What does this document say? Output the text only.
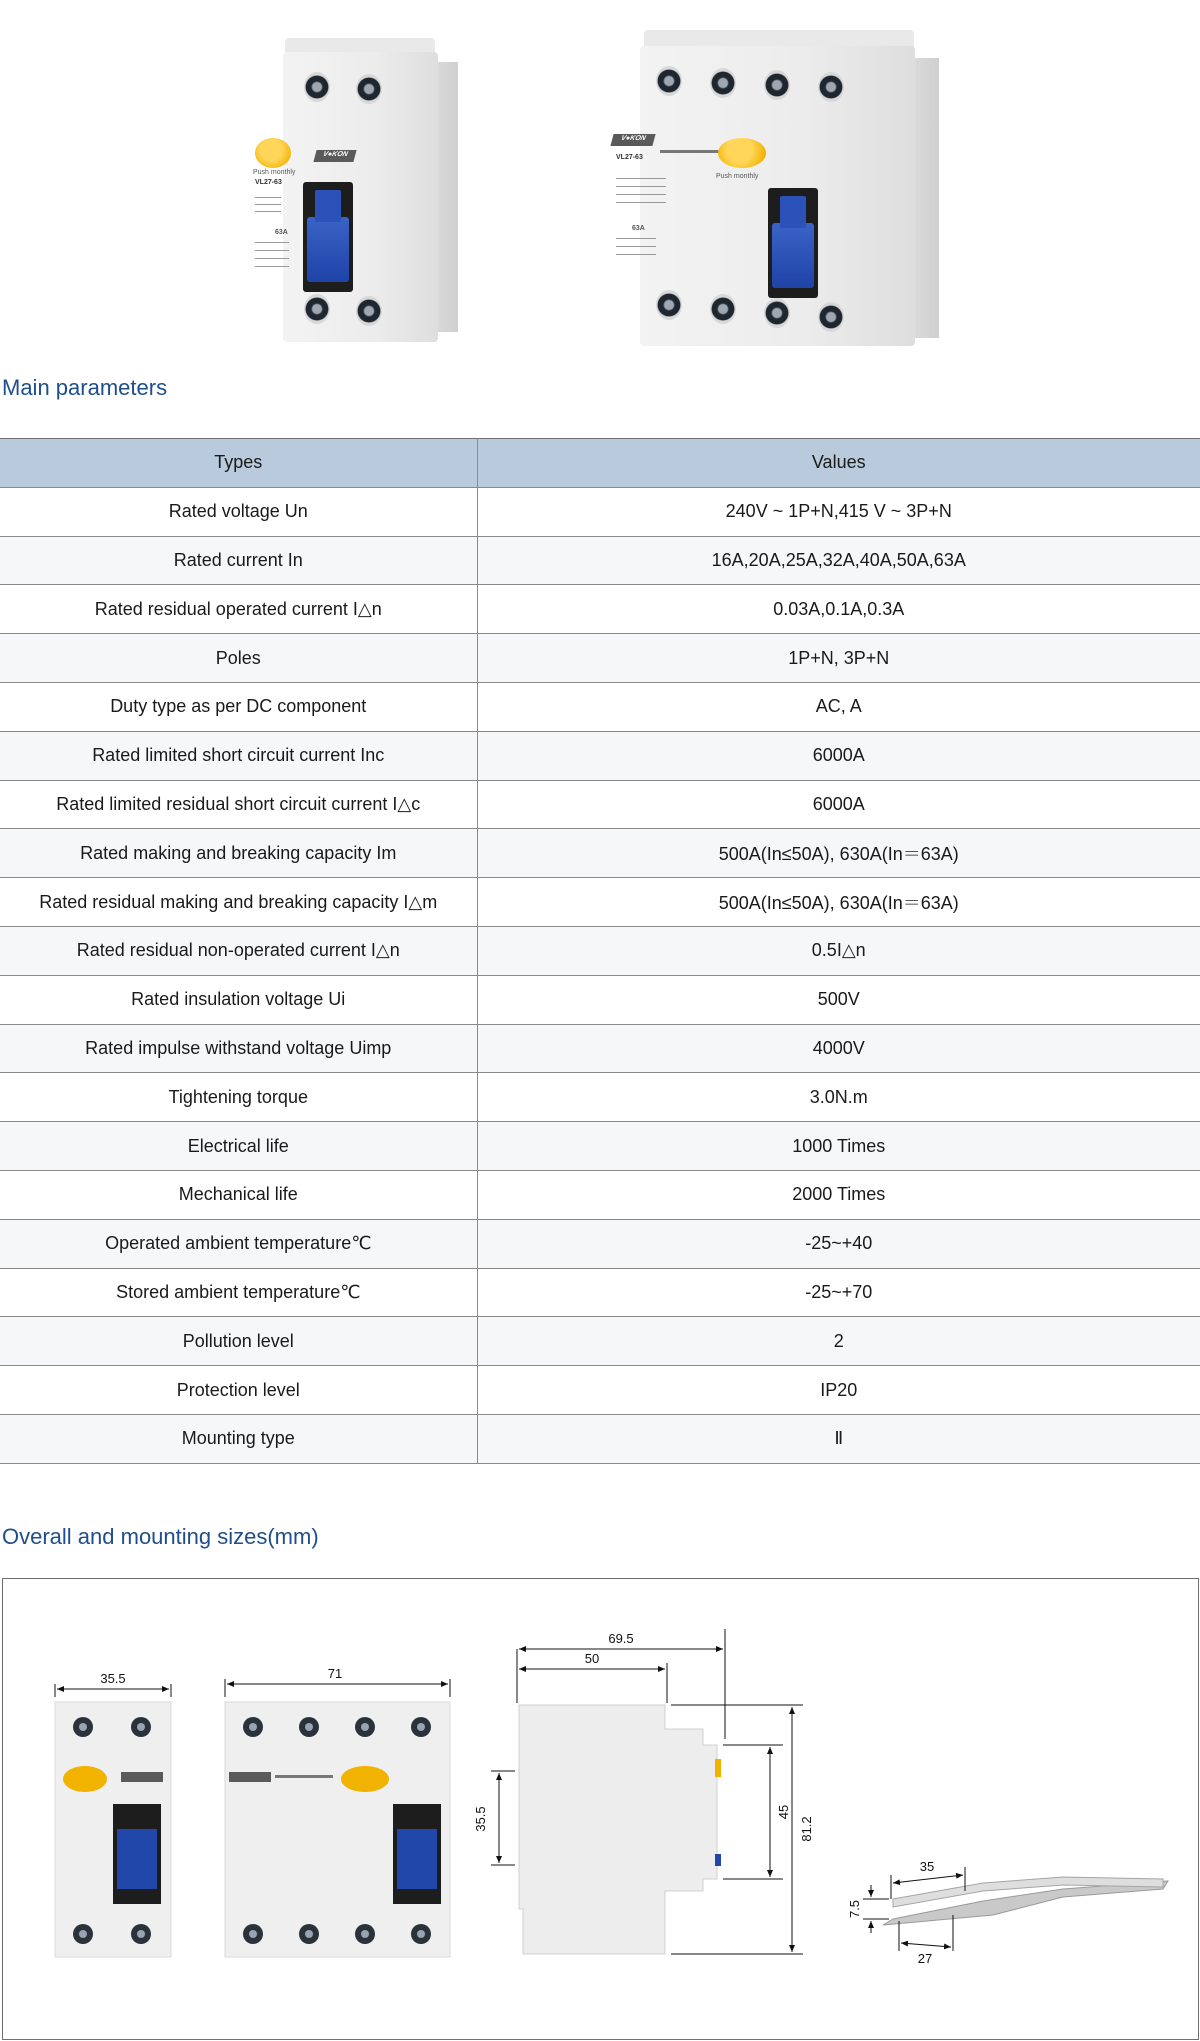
V●KON
Push monthly
VL27-63
63A
V●KON
VL27-63
Push monthly
63A
Main parameters
Types	Values
Rated voltage Un	240V ~ 1P+N,415 V ~ 3P+N
Rated current In	16A,20A,25A,32A,40A,50A,63A
Rated residual operated current I△n	0.03A,0.1A,0.3A
Poles	1P+N, 3P+N
Duty type as per DC component	AC, A
Rated limited short circuit current Inc	6000A
Rated limited residual short circuit current I△c	6000A
Rated making and breaking capacity Im	500A(In≤50A), 630A(In＝63A)
Rated residual making and breaking capacity I△m	500A(In≤50A), 630A(In＝63A)
Rated residual non-operated current I△n	0.5I△n
Rated insulation voltage Ui	500V
Rated impulse withstand voltage Uimp	4000V
Tightening torque	3.0N.m
Electrical life	1000 Times
Mechanical life	2000 Times
Operated ambient temperature℃	-25~+40
Stored ambient temperature℃	-25~+70
Pollution level	2
Protection level	IP20
Mounting type	Ⅱ
Overall and mounting sizes(mm)
35.5	71
69.5
50
35.5	45
81.2
35
7.5
27
